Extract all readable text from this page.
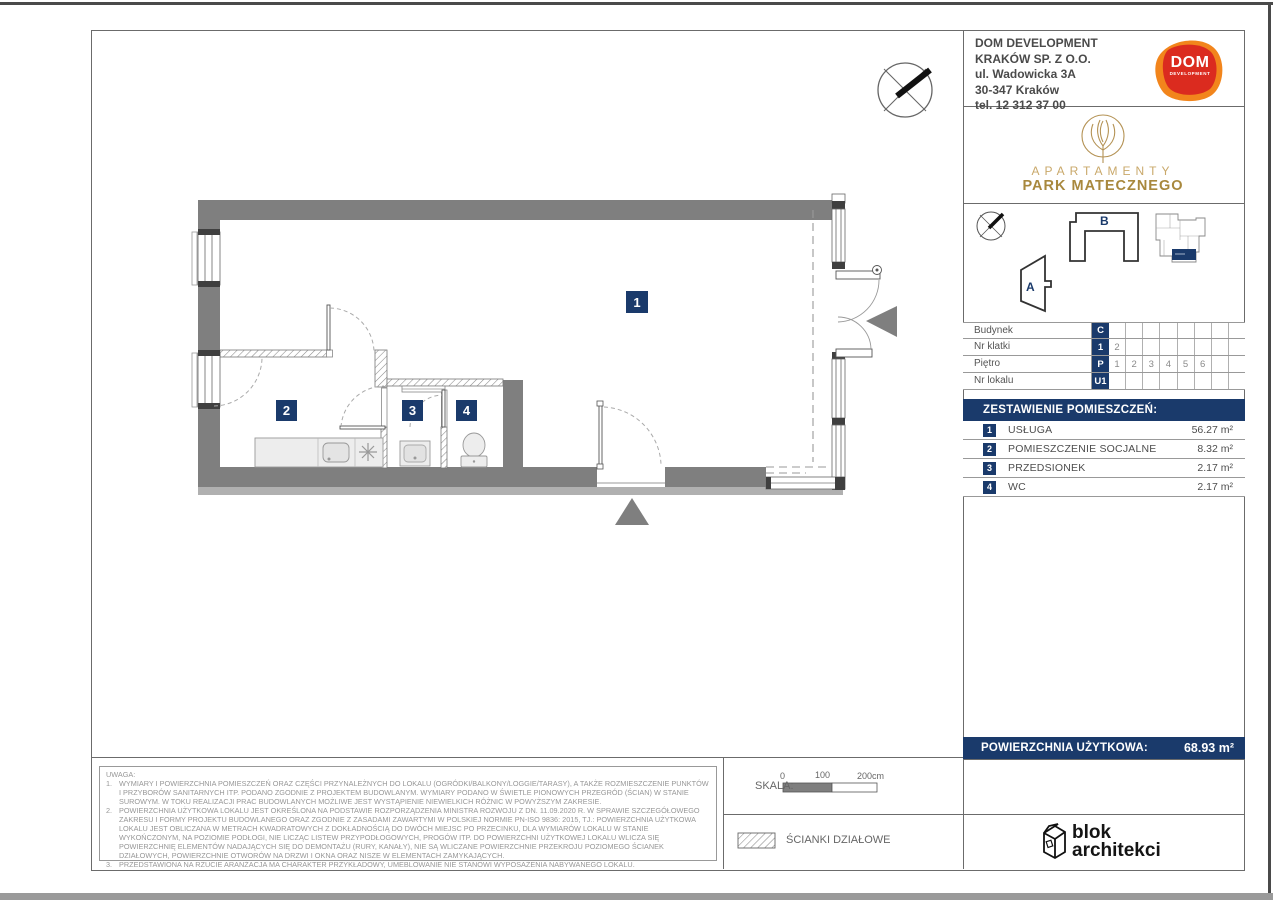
DOM DEVELOPMENT
KRAKÓW SP. Z O.O.
ul. Wadowicka 3A
30-347 Kraków
tel. 12 312 37 00
DOM
DEVELOPMENT
APARTAMENTY
PARK MATECZNEGO
A
B
Budynek	C
Nr klatki	1	2
Piętro	P	1	2	3	4	5	6
Nr lokalu	U1
ZESTAWIENIE POMIESZCZEŃ:
1	USŁUGA	56.27 m²
2	POMIESZCZENIE SOCJALNE	8.32 m²
3	PRZEDSIONEK	2.17 m²
4	WC	2.17 m²
POWIERZCHNIA UŻYTKOWA:	68.93 m²
blok
architekci
1
2	3	4
UWAGA:
1. WYMIARY I POWIERZCHNIA POMIESZCZEŃ ORAZ CZĘŚCI PRZYNALEŻNYCH DO LOKALU (OGRÓDKI/BALKONY/LOGGIE/TARASY), A TAKŻE ROZMIESZCZENIE PUNKTÓW I PRZYBORÓW SANITARNYCH ITP. PODANO ZGODNIE Z PROJEKTEM BUDOWLANYM. WYMIARY PODANO W ŚWIETLE PIONOWYCH PRZEGRÓD (ŚCIAN) W STANIE SUROWYM. W TOKU REALIZACJI PRAC BUDOWLANYCH MOŻLIWE JEST WYSTĄPIENIE NIEWIELKICH RÓŻNIC W POWYŻSZYM ZAKRESIE.
2. POWIERZCHNIA UŻYTKOWA LOKALU JEST OKREŚLONA NA PODSTAWIE ROZPORZĄDZENIA MINISTRA ROZWOJU Z DN. 11.09.2020 R. W SPRAWIE SZCZEGÓŁOWEGO ZAKRESU I FORMY PROJEKTU BUDOWLANEGO ORAZ ZGODNIE Z ZASADAMI ZAWARTYMI W POLSKIEJ NORMIE PN-ISO 9836: 2015, TJ.: POWIERZCHNIA UŻYTKOWA LOKALU JEST OBLICZANA W METRACH KWADRATOWYCH Z DOKŁADNOŚCIĄ DO DWÓCH MIEJSC PO PRZECINKU, DLA WYMIARÓW LOKALU W STANIE WYKOŃCZONYM, NA POZIOMIE PODŁOGI, NIE LICZĄC LISTEW PRZYPODŁOGOWYCH, PROGÓW ITP. DO POWIERZCHNI UŻYTKOWEJ LOKALU WLICZA SIĘ POWIERZCHNIĘ ELEMENTÓW NADAJĄCYCH SIĘ DO DEMONTAŻU (RURY, KANAŁY), NIE SĄ WLICZANE POWIERZCHNIE PRZEKROJU POZIOMEGO ŚCIANEK DZIAŁOWYCH, POWIERZCHNIE OTWORÓW NA DRZWI I OKNA ORAZ NISZE W ELEMENTACH ZAMYKAJĄCYCH.
3. PRZEDSTAWIONA NA RZUCIE ARANŻACJA MA CHARAKTER PRZYKŁADOWY, UMEBLOWANIE NIE STANOWI WYPOSAŻENIA NABYWANEGO LOKALU.
SKALA:
0	100	200cm
ŚCIANKI DZIAŁOWE
